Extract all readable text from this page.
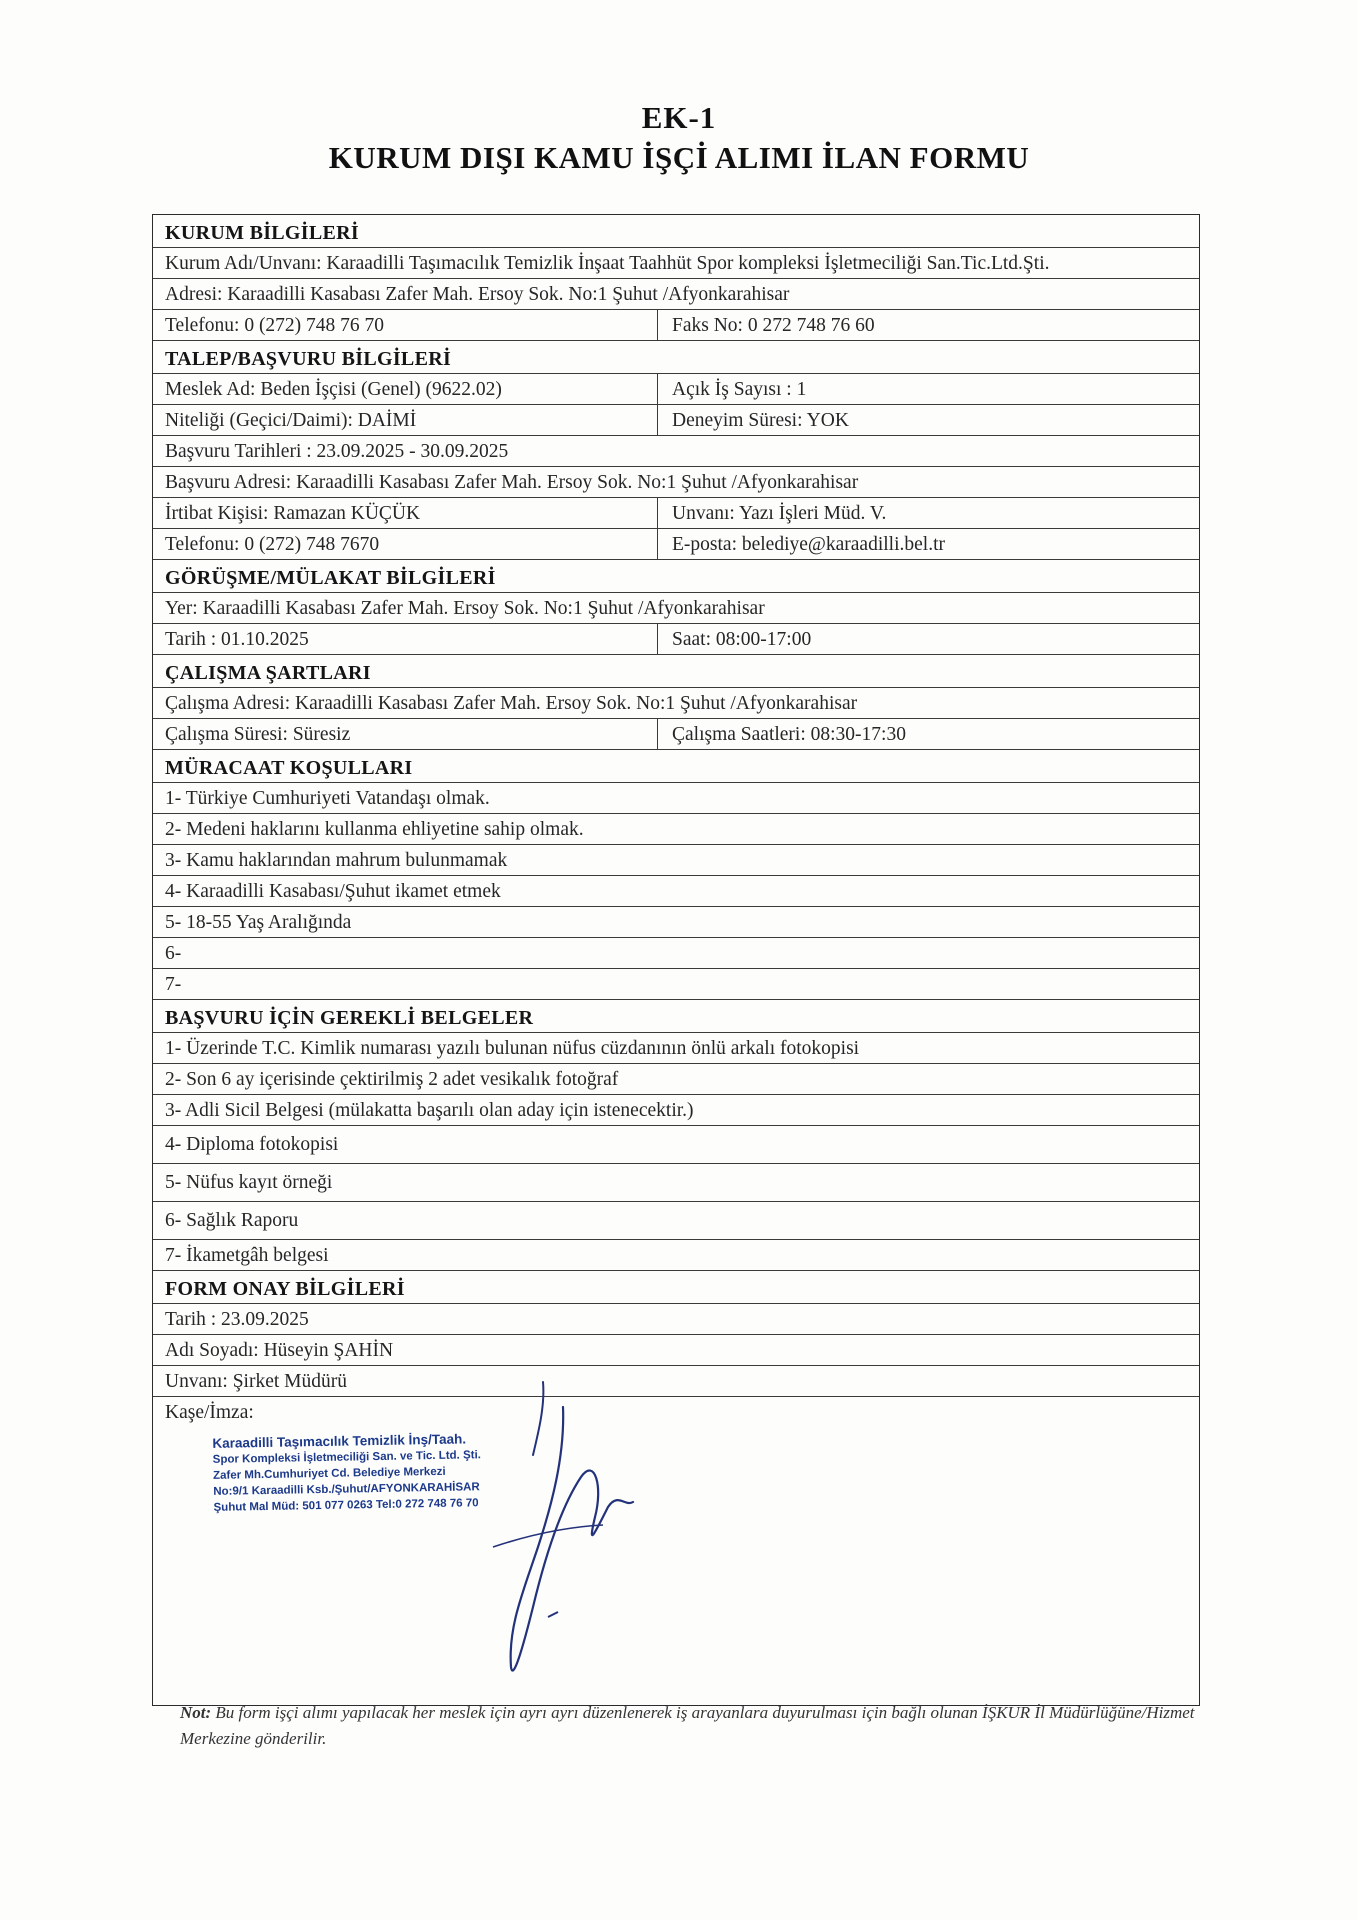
EK-1
KURUM DIŞI KAMU İŞÇİ ALIMI İLAN FORMU
KURUM BİLGİLERİ
Kurum Adı/Unvanı: Karaadilli Taşımacılık Temizlik İnşaat Taahhüt Spor kompleksi İşletmeciliği San.Tic.Ltd.Şti.
Adresi: Karaadilli Kasabası Zafer Mah. Ersoy Sok. No:1 Şuhut /Afyonkarahisar
Telefonu: 0 (272) 748 76 70	Faks No: 0 272 748 76 60
TALEP/BAŞVURU BİLGİLERİ
Meslek Ad: Beden İşçisi (Genel) (9622.02)	Açık İş Sayısı : 1
Niteliği (Geçici/Daimi): DAİMİ	Deneyim Süresi: YOK
Başvuru Tarihleri : 23.09.2025 - 30.09.2025
Başvuru Adresi: Karaadilli Kasabası Zafer Mah. Ersoy Sok. No:1 Şuhut /Afyonkarahisar
İrtibat Kişisi: Ramazan KÜÇÜK	Unvanı: Yazı İşleri Müd. V.
Telefonu: 0 (272) 748 7670	E-posta: belediye@karaadilli.bel.tr
GÖRÜŞME/MÜLAKAT BİLGİLERİ
Yer: Karaadilli Kasabası Zafer Mah. Ersoy Sok. No:1 Şuhut /Afyonkarahisar
Tarih : 01.10.2025	Saat: 08:00-17:00
ÇALIŞMA ŞARTLARI
Çalışma Adresi: Karaadilli Kasabası Zafer Mah. Ersoy Sok. No:1 Şuhut /Afyonkarahisar
Çalışma Süresi: Süresiz	Çalışma Saatleri: 08:30-17:30
MÜRACAAT KOŞULLARI
1- Türkiye Cumhuriyeti Vatandaşı olmak.
2- Medeni haklarını kullanma ehliyetine sahip olmak.
3- Kamu haklarından mahrum bulunmamak
4- Karaadilli Kasabası/Şuhut ikamet etmek
5- 18-55 Yaş Aralığında
6-
7-
BAŞVURU İÇİN GEREKLİ BELGELER
1- Üzerinde T.C. Kimlik numarası yazılı bulunan nüfus cüzdanının önlü arkalı fotokopisi
2- Son 6 ay içerisinde çektirilmiş 2 adet vesikalık fotoğraf
3- Adli Sicil Belgesi (mülakatta başarılı olan aday için istenecektir.)
4- Diploma fotokopisi
5- Nüfus kayıt örneği
6- Sağlık Raporu
7- İkametgâh belgesi
FORM ONAY BİLGİLERİ
Tarih : 23.09.2025
Adı Soyadı: Hüseyin ŞAHİN
Unvanı: Şirket Müdürü
Kaşe/İmza:
Karaadilli Taşımacılık Temizlik İnş/Taah.
Spor Kompleksi İşletmeciliği San. ve Tic. Ltd. Şti.
Zafer Mh.Cumhuriyet Cd. Belediye Merkezi
No:9/1 Karaadilli Ksb./Şuhut/AFYONKARAHİSAR
Şuhut Mal Müd: 501 077 0263 Tel:0 272 748 76 70
Not: Bu form işçi alımı yapılacak her meslek için ayrı ayrı düzenlenerek iş arayanlara duyurulması için bağlı olunan İŞKUR İl Müdürlüğüne/Hizmet Merkezine gönderilir.
